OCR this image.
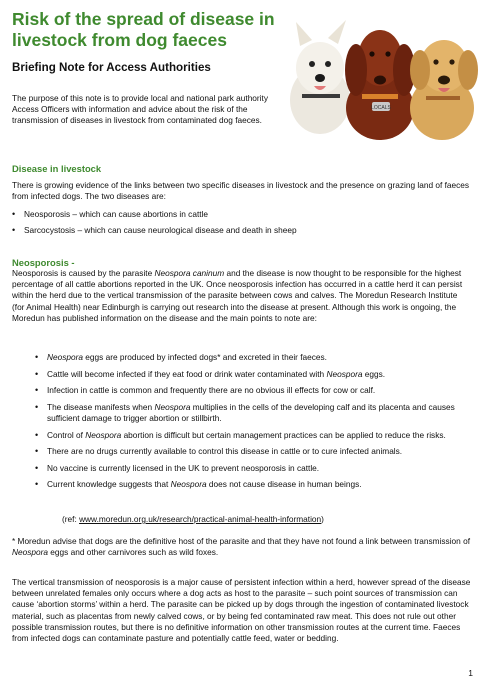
Risk of the spread of disease in livestock from dog faeces
Briefing Note for Access Authorities
The purpose of this note is to provide local and national park authority Access Officers with information and advice about the risk of the transmission of diseases in livestock from contaminated dog faeces.
LOCALS
Disease in livestock
There is growing evidence of the links between two specific diseases in livestock and the presence on grazing land of faeces from infected dogs. The two diseases are:
• Neosporosis – which can cause abortions in cattle
• Sarcocystosis – which can cause neurological disease and death in sheep
Neosporosis -
Neosporosis is caused by the parasite Neospora caninum and the disease is now thought to be responsible for the highest percentage of all cattle abortions reported in the UK. Once neosporosis infection has occurred in a cattle herd it can persist within the herd due to the vertical transmission of the parasite between cows and calves. The Moredun Research Institute (for Animal Health) near Edinburgh is carrying out research into the disease at present. Although this work is ongoing, the Moredun has published information on the disease and the main points to note are:
• Neospora eggs are produced by infected dogs* and excreted in their faeces.
• Cattle will become infected if they eat food or drink water contaminated with Neospora eggs.
• Infection in cattle is common and frequently there are no obvious ill effects for cow or calf.
• The disease manifests when Neospora multiplies in the cells of the developing calf and its placenta and causes sufficient damage to trigger abortion or stillbirth.
• Control of Neospora abortion is difficult but certain management practices can be applied to reduce the risks.
• There are no drugs currently available to control this disease in cattle or to cure infected animals.
• No vaccine is currently licensed in the UK to prevent neosporosis in cattle.
• Current knowledge suggests that Neospora does not cause disease in human beings.
(ref: www.moredun.org.uk/research/practical-animal-health-information)
* Moredun advise that dogs are the definitive host of the parasite and that they have not found a link between transmission of Neospora eggs and other carnivores such as wild foxes.
The vertical transmission of neosporosis is a major cause of persistent infection within a herd, however spread of the disease between unrelated females only occurs where a dog acts as host to the parasite – such point sources of transmission can cause ‘abortion storms’ within a herd. The parasite can be picked up by dogs through the ingestion of contaminated livestock material, such as placentas from newly calved cows, or by being fed contaminated raw meat. This does not rule out other possible transmission routes, but there is no definitive information on other transmission routes at the current time. Faeces from infected dogs can contaminate pasture and potentially cattle feed, water or bedding.
1
